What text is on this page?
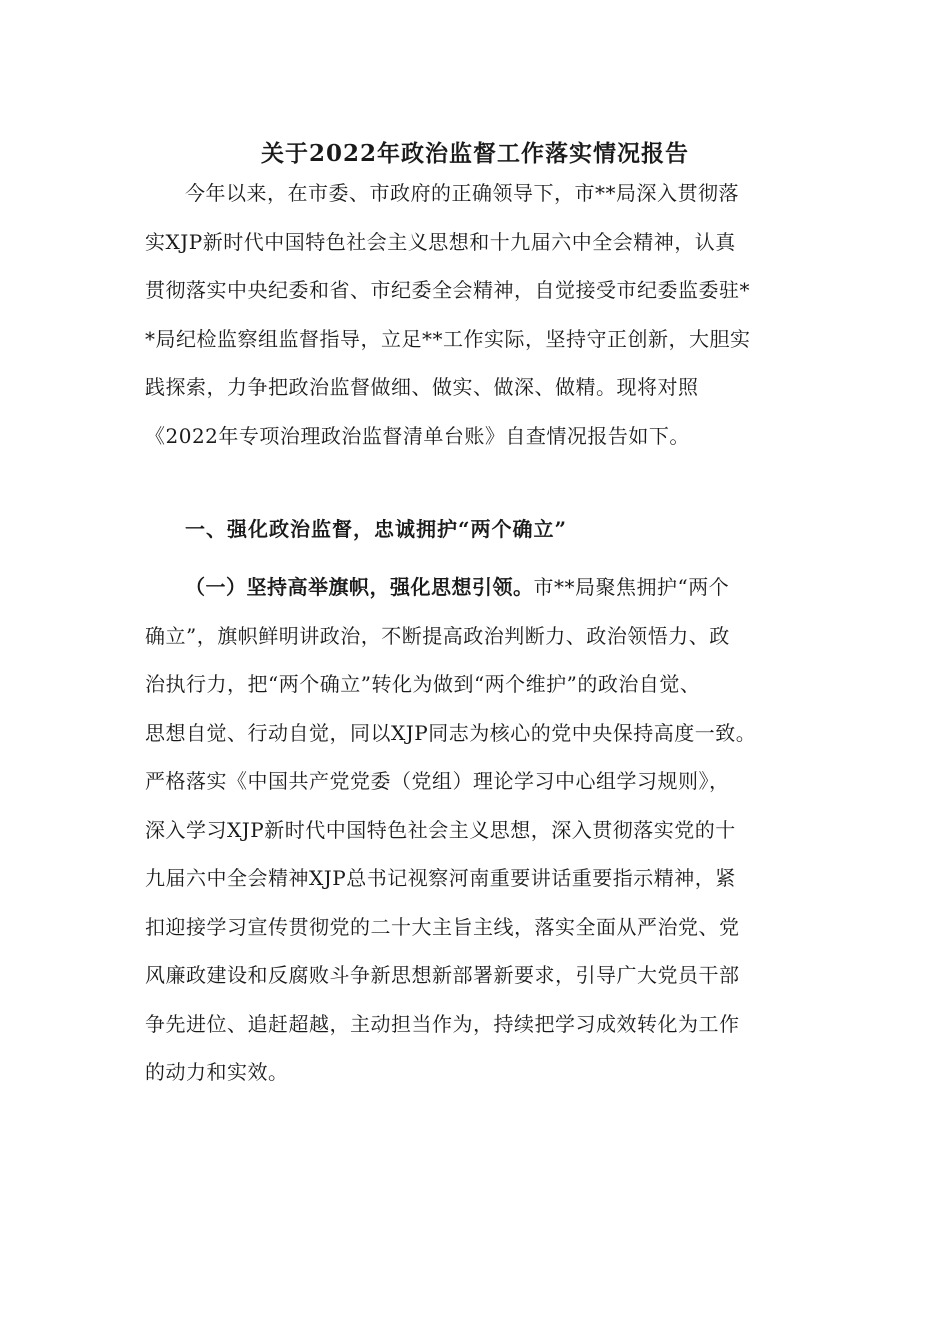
关于2022年政治监督工作落实情况报告
今年以来，在市委、市政府的正确领导下，市**局深入贯彻落
实XJP新时代中国特色社会主义思想和十九届六中全会精神，认真
贯彻落实中央纪委和省、市纪委全会精神，自觉接受市纪委监委驻*
*局纪检监察组监督指导，立足**工作实际，坚持守正创新，大胆实
践探索，力争把政治监督做细、做实、做深、做精。现将对照
《2022年专项治理政治监督清单台账》自查情况报告如下。
一、强化政治监督，忠诚拥护“两个确立”
（一）坚持高举旗帜，强化思想引领。市**局聚焦拥护“两个
确立”，旗帜鲜明讲政治，不断提高政治判断力、政治领悟力、政
治执行力，把“两个确立”转化为做到“两个维护”的政治自觉、
思想自觉、行动自觉，同以XJP同志为核心的党中央保持高度一致。
严格落实《中国共产党党委（党组）理论学习中心组学习规则》，
深入学习XJP新时代中国特色社会主义思想，深入贯彻落实党的十
九届六中全会精神XJP总书记视察河南重要讲话重要指示精神，紧
扣迎接学习宣传贯彻党的二十大主旨主线，落实全面从严治党、党
风廉政建设和反腐败斗争新思想新部署新要求，引导广大党员干部
争先进位、追赶超越，主动担当作为，持续把学习成效转化为工作
的动力和实效。
